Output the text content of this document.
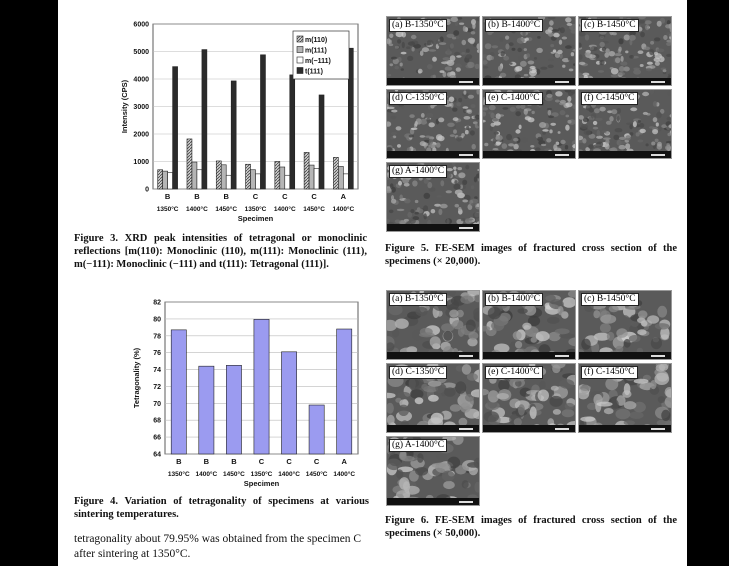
0
1000
2000
3000
4000
5000
6000
Intensity (CPS)
B
1350°C
B
1400°C
B
1450°C
C
1350°C
C
1400°C
C
1450°C
A
1400°C
Specimen
m(110)
m(111)
m(−111)
t(111)
Figure 3. XRD peak intensities of tetragonal or monoclinic reflections [m(110): Monoclinic (110), m(111): Monoclinic (111), m(−111): Monoclinic (−111) and t(111): Tetragonal (111)].
64
66
68
70
72
74
76
78
80
82
Tetragonality (%)
B
1350°C
B
1400°C
B
1450°C
C
1350°C
C
1400°C
C
1450°C
A
1400°C
Specimen
Figure 4. Variation of tetragonality of specimens at various sintering temperatures.
tetragonality about 79.95% was obtained from the specimen C after sintering at 1350°C.
(a) B-1350°C	(b) B-1400°C	(c) B-1450°C
(d) C-1350°C	(e) C-1400°C	(f) C-1450°C
(g) A-1400°C
Figure 5. FE-SEM images of fractured cross section of the specimens (× 20,000).
(a) B-1350°C	(b) B-1400°C	(c) B-1450°C
(d) C-1350°C	(e) C-1400°C	(f) C-1450°C
(g) A-1400°C
Figure 6. FE-SEM images of fractured cross section of the specimens (× 50,000).
